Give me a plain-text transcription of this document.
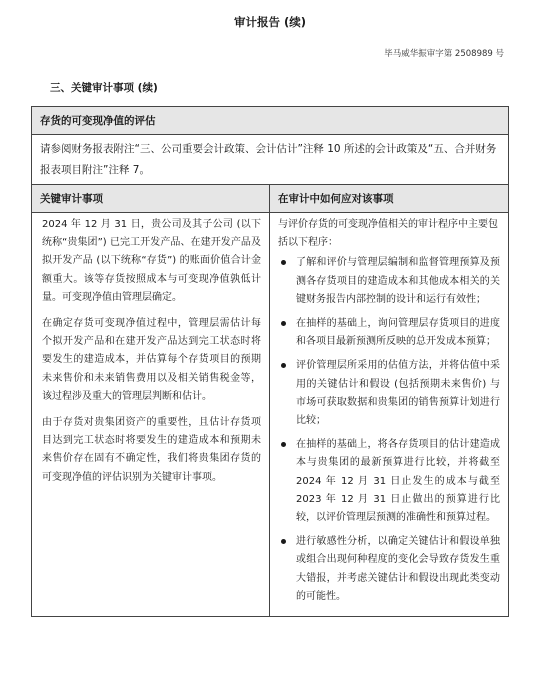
审计报告 (续)
毕马威华振审字第 2508989 号
三、关键审计事项 (续)
存货的可变现净值的评估
请参阅财务报表附注“三、公司重要会计政策、会计估计”注释 10 所述的会计政策及“五、合并财务报表项目附注”注释 7。
关键审计事项

2024 年 12 月 31 日，贵公司及其子公司 (以下统称“贵集团”) 已完工开发产品、在建开发产品及拟开发产品 (以下统称“存货”) 的账面价值合计金额重大。该等存货按照成本与可变现净值孰低计量。可变现净值由管理层确定。

在确定存货可变现净值过程中，管理层需估计每个拟开发产品和在建开发产品达到完工状态时将要发生的建造成本，并估算每个存货项目的预期未来售价和未来销售费用以及相关销售税金等，该过程涉及重大的管理层判断和估计。

由于存货对贵集团资产的重要性，且估计存货项目达到完工状态时将要发生的建造成本和预期未来售价存在固有不确定性，我们将贵集团存货的可变现净值的评估识别为关键审计事项。

在审计中如何应对该事项

与评价存货的可变现净值相关的审计程序中主要包括以下程序：

了解和评价与管理层编制和监督管理预算及预测各存货项目的建造成本和其他成本相关的关键财务报告内部控制的设计和运行有效性；
在抽样的基础上，询问管理层存货项目的进度和各项目最新预测所反映的总开发成本预算；
评价管理层所采用的估值方法，并将估值中采用的关键估计和假设 (包括预期未来售价) 与市场可获取数据和贵集团的销售预算计划进行比较；
在抽样的基础上，将各存货项目的估计建造成本与贵集团的最新预算进行比较，并将截至 2024 年 12 月 31 日止发生的成本与截至 2023 年 12 月 31 日止做出的预算进行比较，以评价管理层预测的准确性和预算过程。
进行敏感性分析，以确定关键估计和假设单独或组合出现何种程度的变化会导致存货发生重大错报，并考虑关键估计和假设出现此类变动的可能性。
